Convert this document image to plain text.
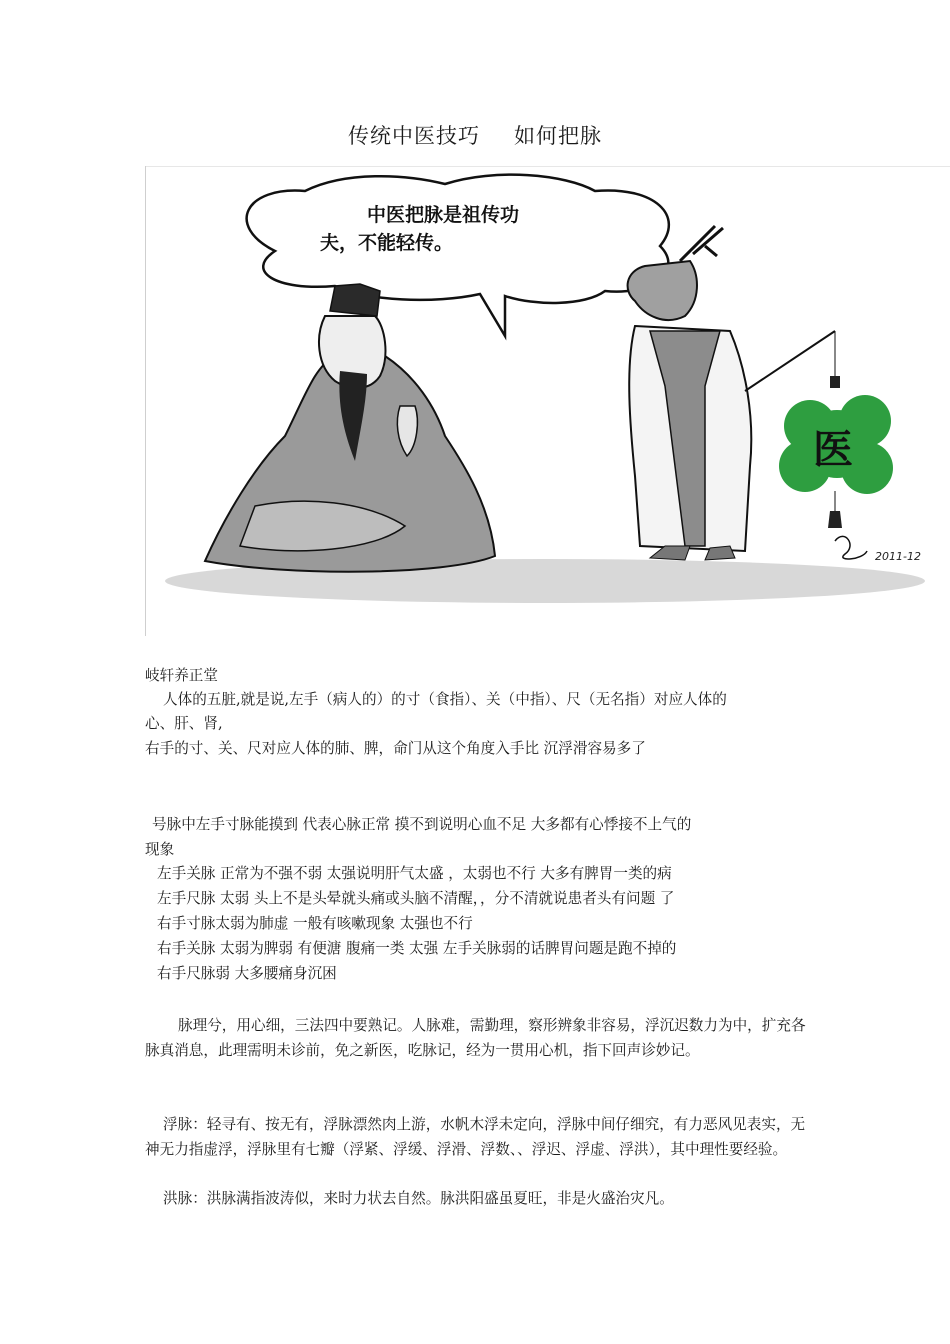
传统中医技巧 如何把脉
中医把脉是祖传功
夫，不能轻传。
医
2011-12
岐轩养正堂
人体的五脏,就是说,左手（病人的）的寸（食指）、关（中指）、尺（无名指）对应人体的
心、肝、肾,
右手的寸、关、尺对应人体的肺、脾，命门从这个角度入手比 沉浮滑容易多了
号脉中左手寸脉能摸到 代表心脉正常 摸不到说明心血不足 大多都有心悸接不上气的
现象
左手关脉 正常为不强不弱 太强说明肝气太盛 ，太弱也不行 大多有脾胃一类的病
左手尺脉 太弱 头上不是头晕就头痛或头脑不清醒，，分不清就说患者头有问题 了
右手寸脉太弱为肺虚 一般有咳嗽现象 太强也不行
右手关脉 太弱为脾弱 有便溏 腹痛一类 太强 左手关脉弱的话脾胃问题是跑不掉的
右手尺脉弱 大多腰痛身沉困
脉理兮，用心细，三法四中要熟记。人脉难，需勤理，察形辨象非容易，浮沉迟数力为中，扩充各脉真消息，此理需明未诊前，免之新医，吃脉记，经为一贯用心机，指下回声诊妙记。
浮脉：轻寻有、按无有，浮脉漂然肉上游，水帆木浮未定向，浮脉中间仔细究，有力恶风见表实，无神无力指虚浮，浮脉里有七瓣（浮紧、浮缓、浮滑、浮数、、浮迟、浮虚、浮洪），其中理性要经验。
洪脉：洪脉满指波涛似，来时力状去自然。脉洪阳盛虽夏旺，非是火盛治灾凡。
